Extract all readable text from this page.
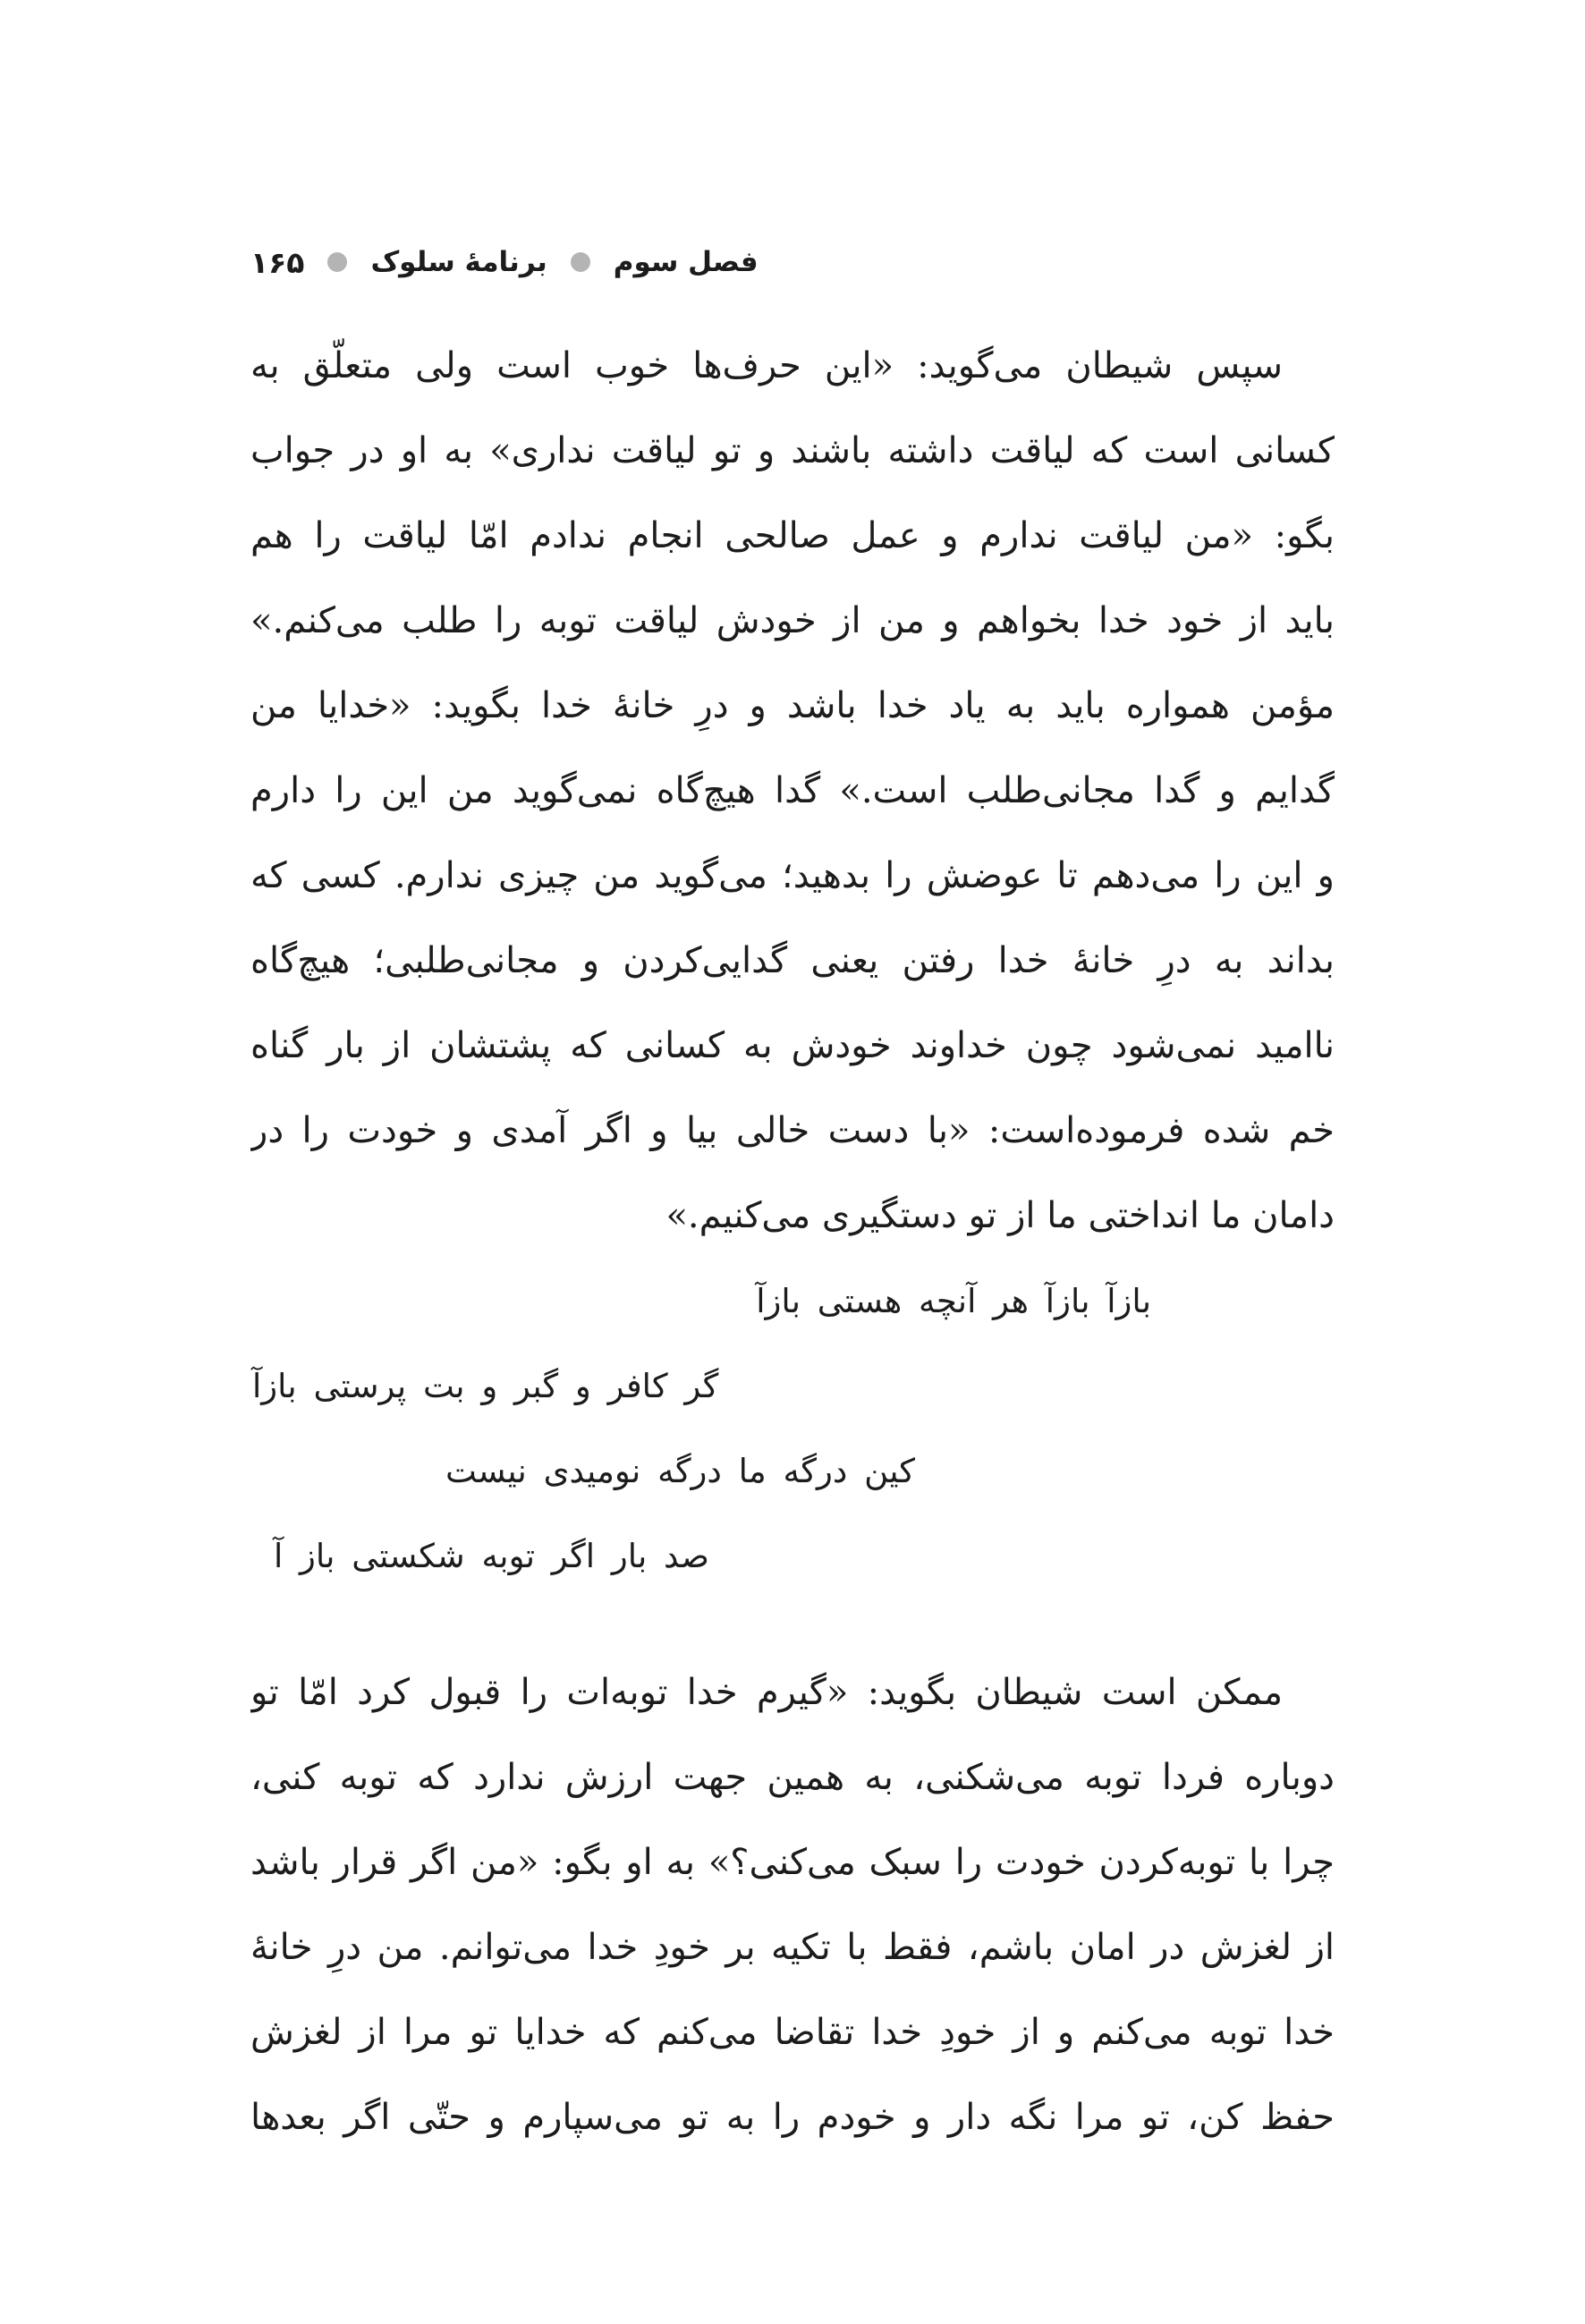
فصل سوم
برنامهٔ سلوک
۱۶۵
سپس شیطان می‌گوید: «این حرف‌ها خوب است ولی متعلّق به
کسانی است که لیاقت داشته باشند و تو لیاقت نداری» به او در جواب
بگو: «من لیاقت ندارم و عمل صالحی انجام ندادم امّا لیاقت را هم
باید از خود خدا بخواهم و من از خودش لیاقت توبه را طلب می‌کنم.»
مؤمن همواره باید به یاد خدا باشد و درِ خانهٔ خدا بگوید: «خدایا من
گدایم و گدا مجانی‌طلب است.» گدا هیچ‌گاه نمی‌گوید من این را دارم
و این را می‌دهم تا عوضش را بدهید؛ می‌گوید من چیزی ندارم. کسی که
بداند به درِ خانهٔ خدا رفتن یعنی گدایی‌کردن و مجانی‌طلبی؛ هیچ‌گاه
ناامید نمی‌شود چون خداوند خودش به کسانی که پشتشان از بار گناه
خم شده فرموده‌است: «با دست خالی بیا و اگر آمدی و خودت را در
دامان ما انداختی ما از تو دستگیری می‌کنیم.»
بازآ بازآ هر آنچه هستی بازآ
گر کافر و گبر و بت پرستی بازآ
کین درگه ما درگه نومیدی نیست
صد بار اگر توبه شکستی باز آ
ممکن است شیطان بگوید: «گیرم خدا توبه‌ات را قبول کرد امّا تو
دوباره فردا توبه می‌شکنی، به همین جهت ارزش ندارد که توبه کنی،
چرا با توبه‌کردن خودت را سبک می‌کنی؟» به او بگو: «من اگر قرار باشد
از لغزش در امان باشم، فقط با تکیه بر خودِ خدا می‌توانم. من درِ خانهٔ
خدا توبه می‌کنم و از خودِ خدا تقاضا می‌کنم که خدایا تو مرا از لغزش
حفظ کن، تو مرا نگه دار و خودم را به تو می‌سپارم و حتّی اگر بعدها
